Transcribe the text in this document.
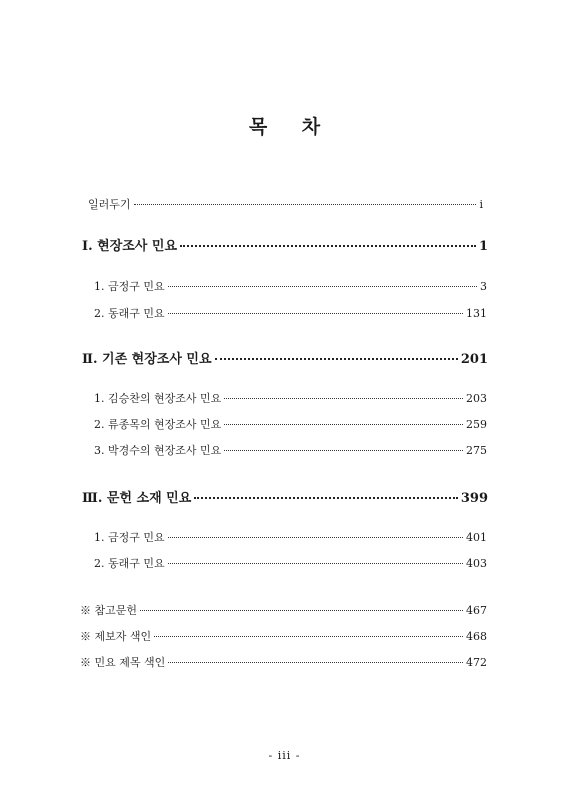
목 차
일러두기	i
Ⅰ. 현장조사 민요	1
1. 금정구 민요	3
2. 동래구 민요	131
Ⅱ. 기존 현장조사 민요	201
1. 김승찬의 현장조사 민요	203
2. 류종목의 현장조사 민요	259
3. 박경수의 현장조사 민요	275
Ⅲ. 문헌 소재 민요	399
1. 금정구 민요	401
2. 동래구 민요	403
※ 참고문헌	467
※ 제보자 색인	468
※ 민요 제목 색인	472
- iii -
